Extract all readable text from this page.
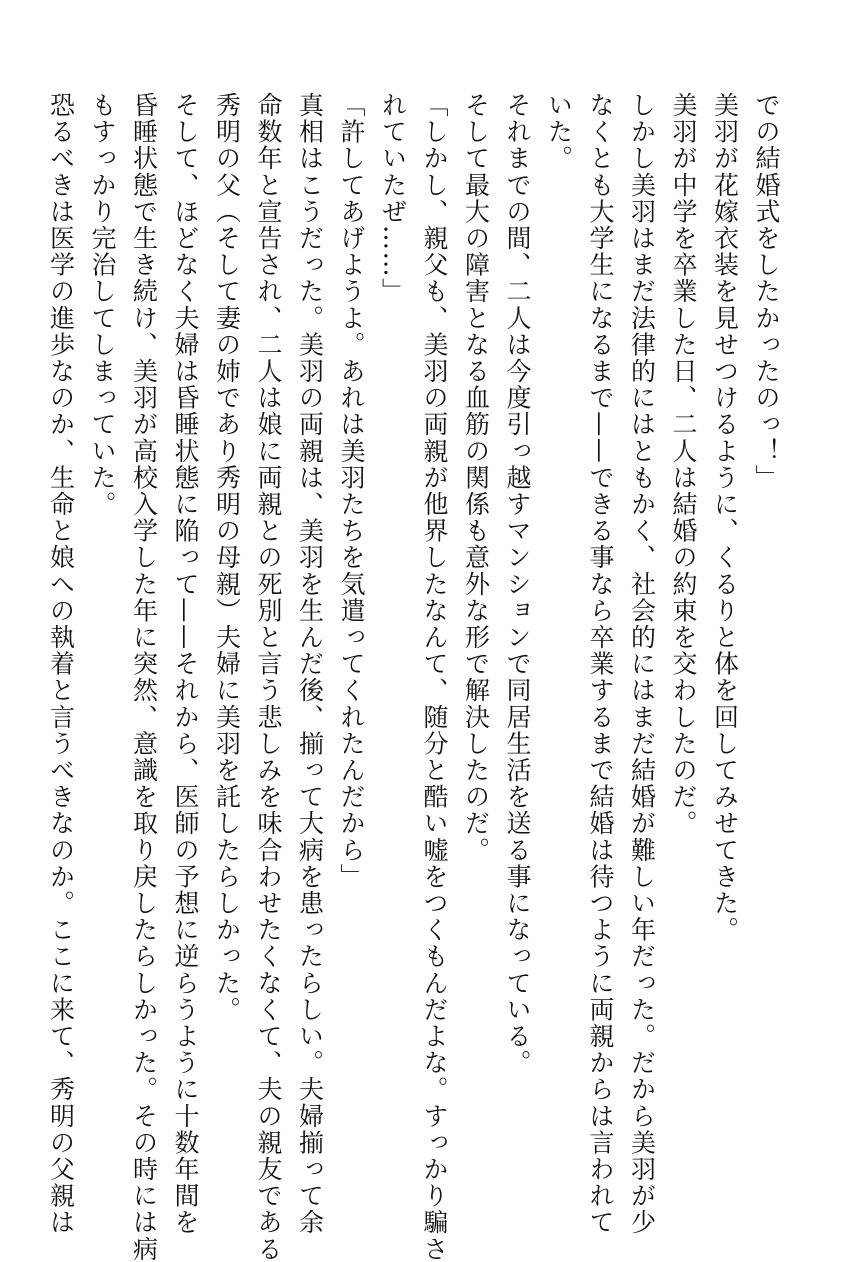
での結婚式をしたかったのっ！」

美羽が花嫁衣装を見せつけるように、くるりと体を回してみせてきた。

美羽が中学を卒業した日、二人は結婚の約束を交わしたのだ。

しかし美羽はまだ法律的にはともかく、社会的にはまだ結婚が難しい年だった。だから美羽が少

なくとも大学生になるまで——できる事なら卒業するまで結婚は待つように両親からは言われて

いた。

それまでの間、二人は今度引っ越すマンションで同居生活を送る事になっている。

そして最大の障害となる血筋の関係も意外な形で解決したのだ。

「しかし、親父も、美羽の両親が他界したなんて、随分と酷い嘘をつくもんだよな。すっかり騙さ

れていたぜ……」

「許してあげようよ。あれは美羽たちを気遣ってくれたんだから」

真相はこうだった。美羽の両親は、美羽を生んだ後、揃って大病を患ったらしい。夫婦揃って余

命数年と宣告され、二人は娘に両親との死別と言う悲しみを味合わせたくなくて、夫の親友である

秀明の父（そして妻の姉であり秀明の母親）夫婦に美羽を託したらしかった。

そして、ほどなく夫婦は昏睡状態に陥って——それから、医師の予想に逆らうように十数年間を

昏睡状態で生き続け、美羽が高校入学した年に突然、意識を取り戻したらしかった。その時には病

もすっかり完治してしまっていた。

恐るべきは医学の進歩なのか、生命と娘への執着と言うべきなのか。ここに来て、秀明の父親は
